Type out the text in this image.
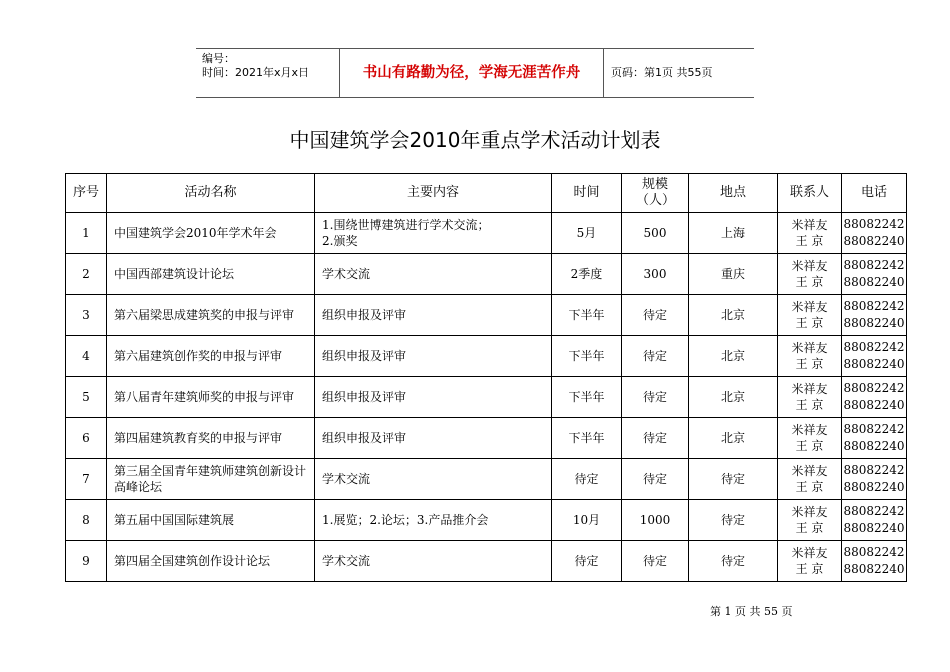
编号：
时间：2021年x月x日	书山有路勤为径，学海无涯苦作舟	页码：第1页 共55页
中国建筑学会2010年重点学术活动计划表
序号	活动名称	主要内容	时间	规模（人）	地点	联系人	电话
1	中国建筑学会2010年学术年会	1.围绕世博建筑进行学术交流；
2.颁奖	5月	500	上海	米祥友
王 京	88082242
88082240

2	中国西部建筑设计论坛	学术交流	2季度	300	重庆	米祥友
王 京	88082242
88082240

3	第六届梁思成建筑奖的申报与评审	组织申报及评审	下半年	待定	北京	米祥友
王 京	88082242
88082240

4	第六届建筑创作奖的申报与评审	组织申报及评审	下半年	待定	北京	米祥友
王 京	88082242
88082240

5	第八届青年建筑师奖的申报与评审	组织申报及评审	下半年	待定	北京	米祥友
王 京	88082242
88082240

6	第四届建筑教育奖的申报与评审	组织申报及评审	下半年	待定	北京	米祥友
王 京	88082242
88082240

7	第三届全国青年建筑师建筑创新设计高峰论坛	学术交流	待定	待定	待定	米祥友
王 京	88082242
88082240

8	第五届中国国际建筑展	1.展览；2.论坛；3.产品推介会	10月	1000	待定	米祥友
王 京	88082242
88082240

9	第四届全国建筑创作设计论坛	学术交流	待定	待定	待定	米祥友
王 京	88082242
88082240
第 1 页 共 55 页
